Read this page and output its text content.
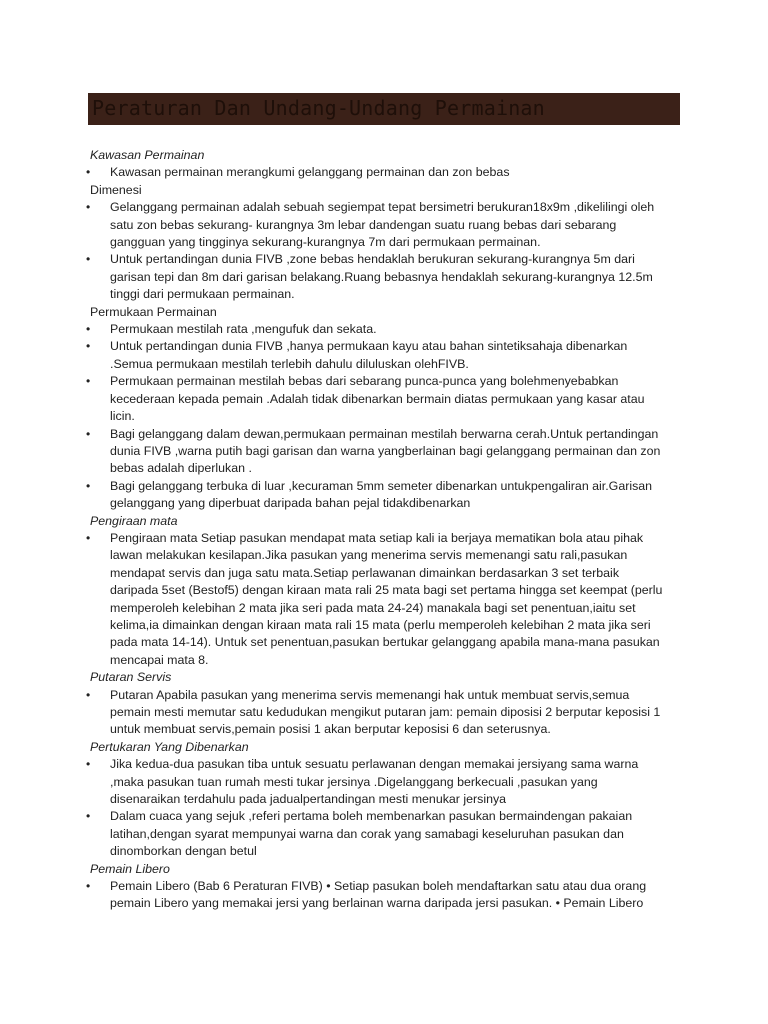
Peraturan Dan Undang-Undang Permainan
Kawasan Permainan
• Kawasan permainan merangkumi gelanggang permainan dan zon bebas
Dimenesi
• Gelanggang permainan adalah sebuah segiempat tepat bersimetri berukuran18x9m ,dikelilingi oleh satu zon bebas sekurang- kurangnya 3m lebar dandengan suatu ruang bebas dari sebarang gangguan yang tingginya sekurang-kurangnya 7m dari permukaan permainan.
• Untuk pertandingan dunia FIVB ,zone bebas hendaklah berukuran sekurang-kurangnya 5m dari garisan tepi dan 8m dari garisan belakang.Ruang bebasnya hendaklah sekurang-kurangnya 12.5m tinggi dari permukaan permainan.
Permukaan Permainan
• Permukaan mestilah rata ,mengufuk dan sekata.
• Untuk pertandingan dunia FIVB ,hanya permukaan kayu atau bahan sintetiksahaja dibenarkan .Semua permukaan mestilah terlebih dahulu diluluskan olehFIVB.
• Permukaan permainan mestilah bebas dari sebarang punca-punca yang bolehmenyebabkan kecederaan kepada pemain .Adalah tidak dibenarkan bermain diatas permukaan yang kasar atau licin.
• Bagi gelanggang dalam dewan,permukaan permainan mestilah berwarna cerah.Untuk pertandingan dunia FIVB ,warna putih bagi garisan dan warna yangberlainan bagi gelanggang permainan dan zon bebas adalah diperlukan .
• Bagi gelanggang terbuka di luar ,kecuraman 5mm semeter dibenarkan untukpengaliran air.Garisan gelanggang yang diperbuat daripada bahan pejal tidakdibenarkan
Pengiraan mata
• Pengiraan mata Setiap pasukan mendapat mata setiap kali ia berjaya mematikan bola atau pihak lawan melakukan kesilapan.Jika pasukan yang menerima servis memenangi satu rali,pasukan mendapat servis dan juga satu mata.Setiap perlawanan dimainkan berdasarkan 3 set terbaik daripada 5set (Bestof5) dengan kiraan mata rali 25 mata bagi set pertama hingga set keempat (perlu memperoleh kelebihan 2 mata jika seri pada mata 24-24) manakala bagi set penentuan,iaitu set kelima,ia dimainkan dengan kiraan mata rali 15 mata (perlu memperoleh kelebihan 2 mata jika seri pada mata 14-14). Untuk set penentuan,pasukan bertukar gelanggang apabila mana-mana pasukan mencapai mata 8.
Putaran Servis
• Putaran Apabila pasukan yang menerima servis memenangi hak untuk membuat servis,semua pemain mesti memutar satu kedudukan mengikut putaran jam: pemain diposisi 2 berputar keposisi 1 untuk membuat servis,pemain posisi 1 akan berputar keposisi 6 dan seterusnya.
Pertukaran Yang Dibenarkan
• Jika kedua-dua pasukan tiba untuk sesuatu perlawanan dengan memakai jersiyang sama warna ,maka pasukan tuan rumah mesti tukar jersinya .Digelanggang berkecuali ,pasukan yang disenaraikan terdahulu pada jadualpertandingan mesti menukar jersinya
• Dalam cuaca yang sejuk ,referi pertama boleh membenarkan pasukan bermaindengan pakaian latihan,dengan syarat mempunyai warna dan corak yang samabagi keseluruhan pasukan dan dinomborkan dengan betul
Pemain Libero
• Pemain Libero (Bab 6 Peraturan FIVB) • Setiap pasukan boleh mendaftarkan satu atau dua orang pemain Libero yang memakai jersi yang berlainan warna daripada jersi pasukan. • Pemain Libero
